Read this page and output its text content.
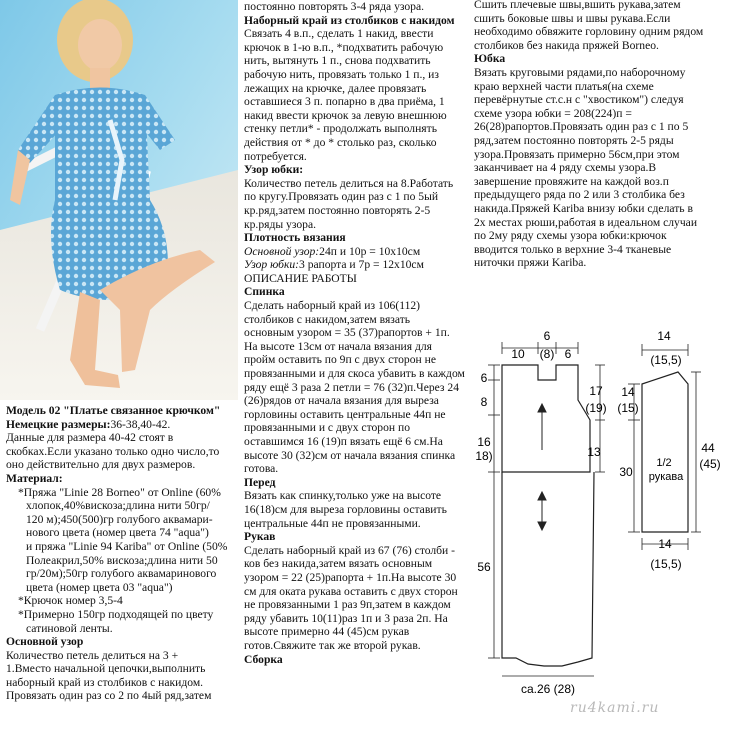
Модель 02 "Платье связанное крючком"

Немецкие размеры:36-38,40-42.

Данные для размера 40-42 стоят в

скобках.Если указано только одно число,то

оно действительно для двух размеров.

Материал:

*Пряжа "Linie 28 Borneo" от Online (60%

хлопок,40%вискоза;длина нити 50гр/

120 м);450(500)гр голубого аквамари-

нового цвета (номер цвета 74 "aqua")

и пряжа "Linie 94 Kariba" от Online (50%

Полеакрил,50% вискоза;длина нити 50

гр/20м);50гр голубого аквамаринового

цвета (номер цвета 03 "aqua")

*Крючок номер 3,5-4

*Примерно 150гр подходящей по цвету

сатиновой ленты.

Основной узор

Количество петель делиться на 3 +

1.Вместо начальной цепочки,выполнить

наборный край из столбиков с накидом.

Провязать один раз со 2 по 4ый ряд,затем

постоянно повторять 3-4 ряда узора.

Наборный край из столбиков с накидом

Связать 4 в.п., сделать 1 накид, ввести

крючок в 1-ю в.п., *подхватить рабочую

нить, вытянуть 1 п., снова подхватить

рабочую нить, провязать только 1 п., из

лежащих на крючке, далее провязать

оставшиеся 3 п. попарно в два приёма, 1

накид ввести крючок за левую внешнюю

стенку петли* - продолжать выполнять

действия от * до * столько раз, сколько

потребуется.

Узор юбки:

Количество петель делиться на 8.Работать

по кругу.Провязать один раз с 1 по 5ый

кр.ряд,затем постоянно повторять 2-5

кр.ряды узора.

Плотность вязания

Основной узор:24п и 10р = 10х10см

Узор юбки:3 рапорта и 7р = 12х10см

ОПИСАНИЕ РАБОТЫ

Спинка

Сделать наборный край из 106(112)

столбиков с накидом,затем вязать

основным узором = 35 (37)рапортов + 1п.

На высоте 13см от начала вязания для

пройм оставить по 9п с двух сторон не

провязанными и для скоса убавить в каждом

ряду ещё 3 раза 2 петли = 76 (32)п.Через 24

(26)рядов от начала вязания для выреза

горловины оставить центральные 44п не

провязанными и с двух сторон по

оставшимся 16 (19)п вязать ещё 6 см.На

высоте 30 (32)см от начала вязания спинка

готова.

Перед

Вязать как спинку,только уже на высоте

16(18)см для выреза горловины оставить

центральные 44п не провязанными.

Рукав

Сделать наборный край из 67 (76) столби -

ков без накида,затем вязать основным

узором = 22 (25)рапорта + 1п.На высоте 30

см для оката рукава оставить с двух сторон

не провязанными 1 раз 9п,затем в каждом

ряду убавить 10(11)раз 1п и 3 раза 2п. На

высоте примерно 44 (45)см рукав

готов.Свяжите так же второй рукав.

Сборка

Сшить плечевые швы,вшить рукава,затем

сшить боковые швы и швы рукава.Если

необходимо обвяжите горловину одним рядом

столбиков без накида пряжей Borneo.

Юбка

Вязать круговыми рядами,по наборочному

краю верхней части платья(на схеме

перевёрнутые ст.с.н с "хвостиком") следуя

схеме узора юбки = 208(224)п =

26(28)рапортов.Провязать один раз с 1 по 5

ряд,затем постоянно повторять 2-5 ряды

узора.Провязать примерно 56см,при этом

заканчивает на 4 ряду схемы узора.В

завершение провяжите на каждой воз.п

предыдущего ряда по 2 или 3 столбика без

накида.Пряжей Kariba внизу юбки сделать в

2х местах рюши,работая в идеальном случаи

по 2му ряду схемы узора юбки:крючок

вводится только в верхние 3-4 тканевые

ниточки пряжи Kariba.

10
6
(8) 6
6
8
16
18)
17
(19)
13
56
са.26 (28)
14
(15,5)
14
(15)
30
1/2
рукава
44
(45)
14
(15,5)
ru4kami.ru
